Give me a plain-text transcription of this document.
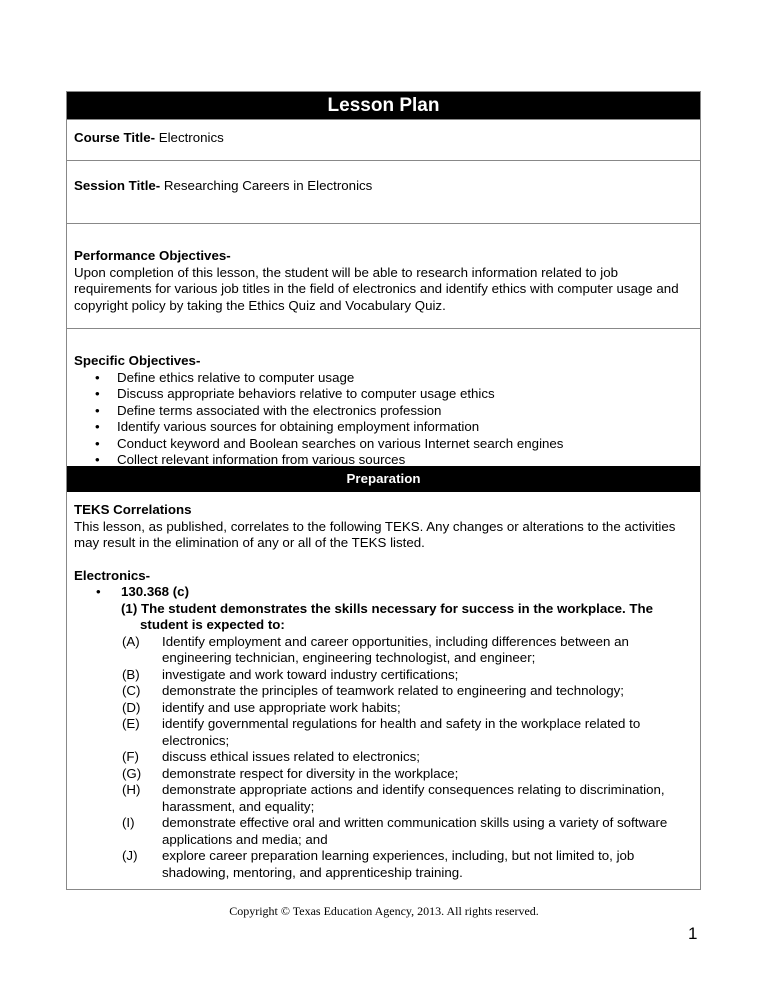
Lesson Plan
Course Title- Electronics
Session Title- Researching Careers in Electronics
Performance Objectives-
Upon completion of this lesson, the student will be able to research information related to job requirements for various job titles in the field of electronics and identify ethics with computer usage and copyright policy by taking the Ethics Quiz and Vocabulary Quiz.
Specific Objectives-
• Define ethics relative to computer usage
• Discuss appropriate behaviors relative to computer usage ethics
• Define terms associated with the electronics profession
• Identify various sources for obtaining employment information
• Conduct keyword and Boolean searches on various Internet search engines
• Collect relevant information from various sources
Preparation
TEKS Correlations
This lesson, as published, correlates to the following TEKS. Any changes or alterations to the activities may result in the elimination of any or all of the TEKS listed.
Electronics-
• 130.368 (c)
(1) The student demonstrates the skills necessary for success in the workplace. The student is expected to:
(A)	Identify employment and career opportunities, including differences between an engineering technician, engineering technologist, and engineer;
(B)	investigate and work toward industry certifications;
(C)	demonstrate the principles of teamwork related to engineering and technology;
(D)	identify and use appropriate work habits;
(E)	identify governmental regulations for health and safety in the workplace related to electronics;
(F)	discuss ethical issues related to electronics;
(G)	demonstrate respect for diversity in the workplace;
(H)	demonstrate appropriate actions and identify consequences relating to discrimination, harassment, and equality;
(I)	demonstrate effective oral and written communication skills using a variety of software applications and media; and
(J)	explore career preparation learning experiences, including, but not limited to, job shadowing, mentoring, and apprenticeship training.
Copyright © Texas Education Agency, 2013. All rights reserved.
1
